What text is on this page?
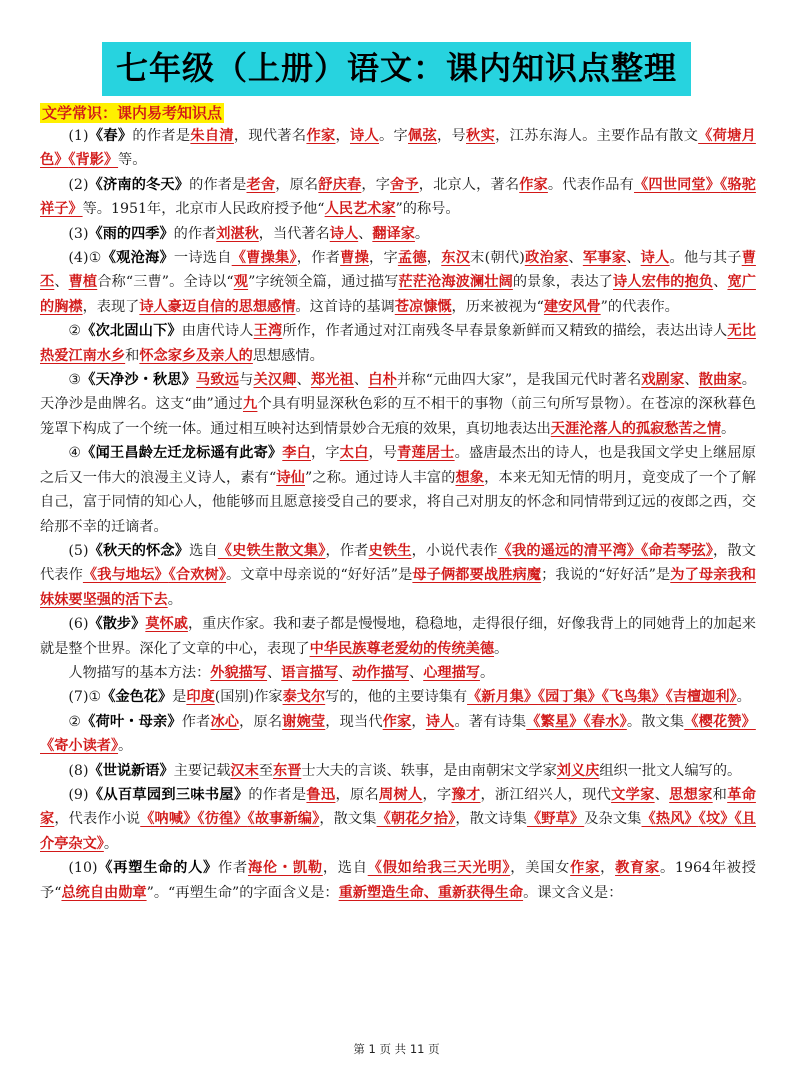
七年级（上册）语文：课内知识点整理
文学常识：课内易考知识点

(1)《春》的作者是朱自清，现代著名作家，诗人。字佩弦，号秋实，江苏东海人。主要作品有散文《荷塘月色》《背影》等。

(2)《济南的冬天》的作者是老舍，原名舒庆春，字舍予，北京人，著名作家。代表作品有《四世同堂》《骆驼祥子》等。1951年，北京市人民政府授予他“人民艺术家”的称号。

(3)《雨的四季》的作者刘湛秋，当代著名诗人、翻译家。

(4)①《观沧海》一诗选自《曹操集》，作者曹操，字孟德，东汉末(朝代)政治家、军事家、诗人。他与其子曹丕、曹植合称“三曹”。全诗以“观”字统领全篇，通过描写茫茫沧海波澜壮阔的景象，表达了诗人宏伟的抱负、宽广的胸襟，表现了诗人豪迈自信的思想感情。这首诗的基调苍凉慷慨，历来被视为“建安风骨”的代表作。

②《次北固山下》由唐代诗人王湾所作，作者通过对江南残冬早春景象新鲜而又精致的描绘，表达出诗人无比热爱江南水乡和怀念家乡及亲人的思想感情。

③《天净沙・秋思》马致远与关汉卿、郑光祖、白朴并称“元曲四大家”，是我国元代时著名戏剧家、散曲家。天净沙是曲牌名。这支“曲”通过九个具有明显深秋色彩的互不相干的事物（前三句所写景物）。在苍凉的深秋暮色笼罩下构成了一个统一体。通过相互映衬达到情景妙合无痕的效果，真切地表达出天涯沦落人的孤寂愁苦之情。

④《闻王昌龄左迁龙标遥有此寄》李白，字太白，号青莲居士。盛唐最杰出的诗人，也是我国文学史上继屈原之后又一伟大的浪漫主义诗人，素有“诗仙”之称。通过诗人丰富的想象，本来无知无情的明月，竟变成了一个了解自己，富于同情的知心人，他能够而且愿意接受自己的要求，将自己对朋友的怀念和同情带到辽远的夜郎之西，交给那不幸的迁谪者。

(5)《秋天的怀念》选自《史铁生散文集》，作者史铁生，小说代表作《我的遥远的清平湾》《命若琴弦》，散文代表作《我与地坛》《合欢树》。文章中母亲说的“好好活”是母子俩都要战胜病魔；我说的“好好活”是为了母亲我和妹妹要坚强的活下去。

(6)《散步》莫怀戚，重庆作家。我和妻子都是慢慢地，稳稳地，走得很仔细，好像我背上的同她背上的加起来就是整个世界。深化了文章的中心，表现了中华民族尊老爱幼的传统美德。

人物描写的基本方法：外貌描写、语言描写、动作描写、心理描写。

(7)①《金色花》是印度(国别)作家泰戈尔写的，他的主要诗集有《新月集》《园丁集》《飞鸟集》《吉檀迦利》。

②《荷叶・母亲》作者冰心，原名谢婉莹，现当代作家，诗人。著有诗集《繁星》《春水》。散文集《樱花赞》《寄小读者》。

(8)《世说新语》主要记载汉末至东晋士大夫的言谈、轶事，是由南朝宋文学家刘义庆组织一批文人编写的。

(9)《从百草园到三味书屋》的作者是鲁迅，原名周树人，字豫才，浙江绍兴人，现代文学家、思想家和革命家，代表作小说《呐喊》《彷徨》《故事新编》，散文集《朝花夕拾》，散文诗集《野草》及杂文集《热风》《坟》《且介亭杂文》。

(10)《再塑生命的人》作者海伦・凯勒，选自《假如给我三天光明》，美国女作家，教育家。1964年被授予“总统自由勋章”。“再塑生命”的字面含义是：重新塑造生命、重新获得生命。课文含义是：

第 1 页 共 11 页
